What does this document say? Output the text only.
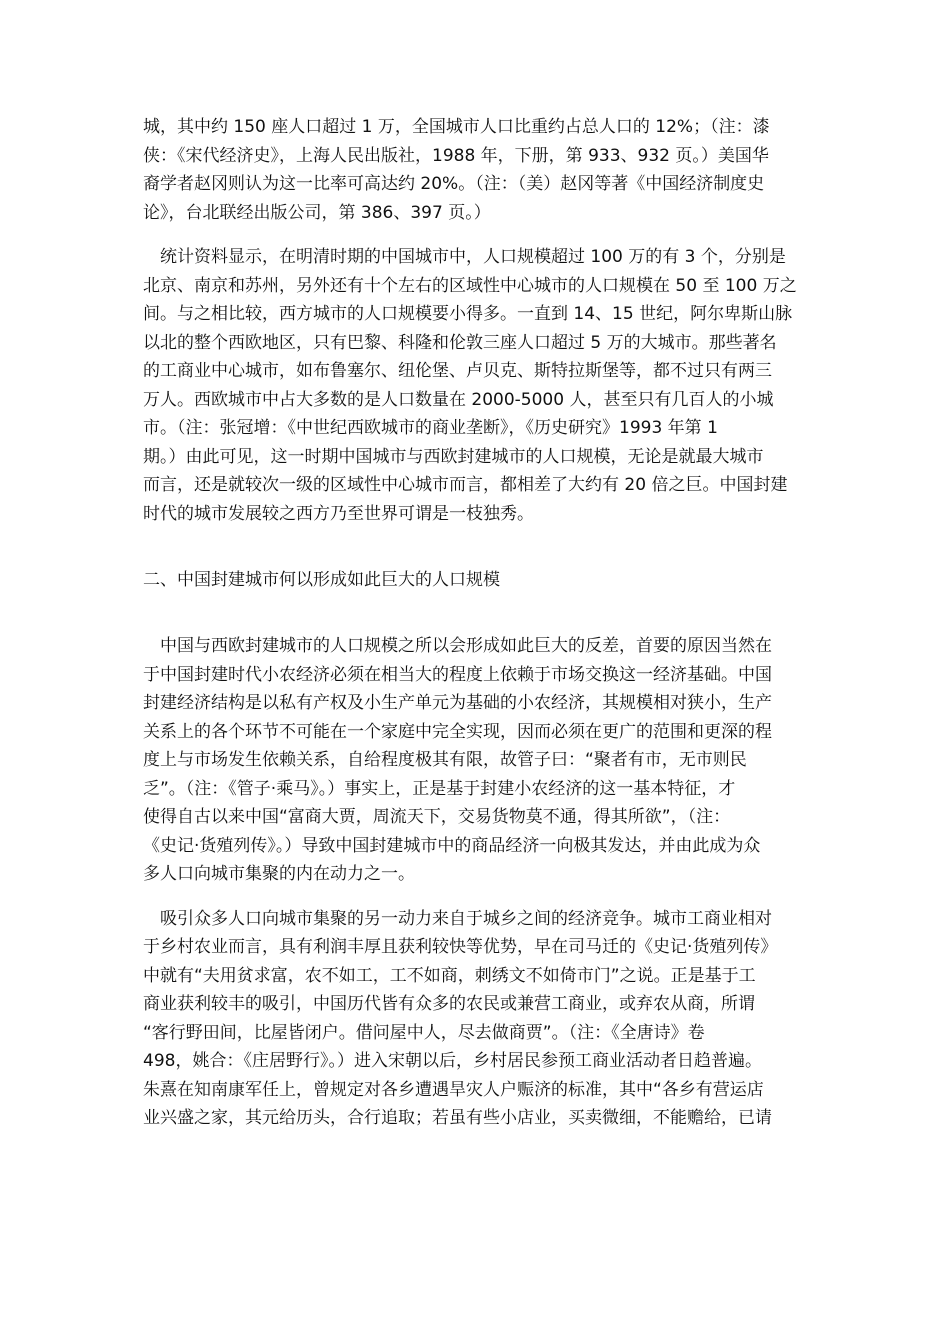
城，其中约 150 座人口超过 1 万，全国城市人口比重约占总人口的 12%；（注：漆
侠：《宋代经济史》，上海人民出版社，1988 年，下册，第 933、932 页。）美国华
裔学者赵冈则认为这一比率可高达约 20%。（注：（美）赵冈等著《中国经济制度史
论》，台北联经出版公司，第 386、397 页。）
　统计资料显示，在明清时期的中国城市中，人口规模超过 100 万的有 3 个，分别是
北京、南京和苏州，另外还有十个左右的区域性中心城市的人口规模在 50 至 100 万之
间。与之相比较，西方城市的人口规模要小得多。一直到 14、15 世纪，阿尔卑斯山脉
以北的整个西欧地区，只有巴黎、科隆和伦敦三座人口超过 5 万的大城市。那些著名
的工商业中心城市，如布鲁塞尔、纽伦堡、卢贝克、斯特拉斯堡等，都不过只有两三
万人。西欧城市中占大多数的是人口数量在 2000-5000 人，甚至只有几百人的小城
市。（注：张冠增：《中世纪西欧城市的商业垄断》，《历史研究》1993 年第 1
期。）由此可见，这一时期中国城市与西欧封建城市的人口规模，无论是就最大城市
而言，还是就较次一级的区域性中心城市而言，都相差了大约有 20 倍之巨。中国封建
时代的城市发展较之西方乃至世界可谓是一枝独秀。
二、中国封建城市何以形成如此巨大的人口规模
　中国与西欧封建城市的人口规模之所以会形成如此巨大的反差，首要的原因当然在
于中国封建时代小农经济必须在相当大的程度上依赖于市场交换这一经济基础。中国
封建经济结构是以私有产权及小生产单元为基础的小农经济，其规模相对狭小，生产
关系上的各个环节不可能在一个家庭中完全实现，因而必须在更广的范围和更深的程
度上与市场发生依赖关系，自给程度极其有限，故管子曰：“聚者有市，无市则民
乏”。（注：《管子·乘马》。）事实上，正是基于封建小农经济的这一基本特征，才
使得自古以来中国“富商大贾，周流天下，交易货物莫不通，得其所欲”，（注：
《史记·货殖列传》。）导致中国封建城市中的商品经济一向极其发达，并由此成为众
多人口向城市集聚的内在动力之一。
　吸引众多人口向城市集聚的另一动力来自于城乡之间的经济竞争。城市工商业相对
于乡村农业而言，具有利润丰厚且获利较快等优势，早在司马迁的《史记·货殖列传》
中就有“夫用贫求富，农不如工，工不如商，刺绣文不如倚市门”之说。正是基于工
商业获利较丰的吸引，中国历代皆有众多的农民或兼营工商业，或弃农从商，所谓
“客行野田间，比屋皆闭户。借问屋中人，尽去做商贾”。（注：《全唐诗》卷
498，姚合：《庄居野行》。）进入宋朝以后，乡村居民参预工商业活动者日趋普遍。
朱熹在知南康军任上，曾规定对各乡遭遇旱灾人户赈济的标准，其中“各乡有营运店
业兴盛之家，其元给历头，合行追取；若虽有些小店业，买卖微细，不能赡给，已请
